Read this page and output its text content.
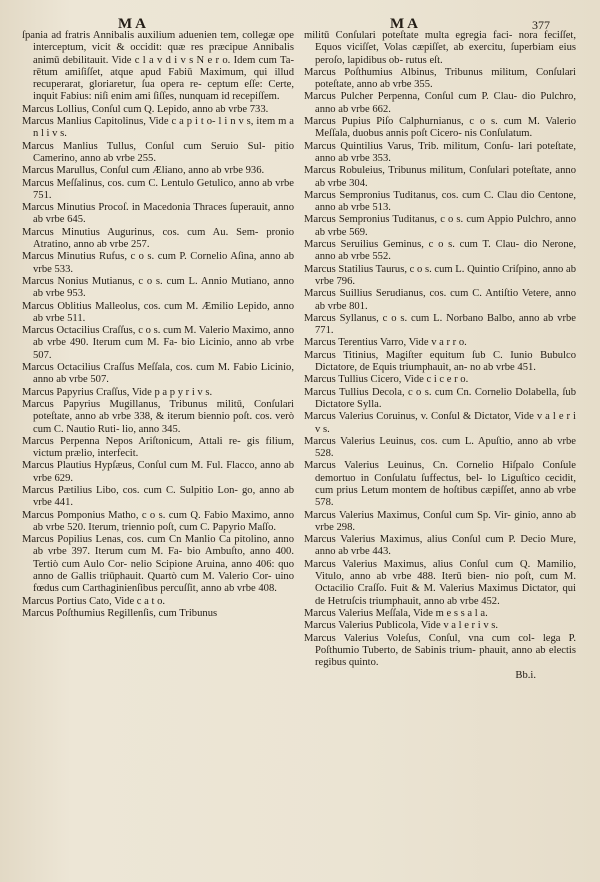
M A	M A	377
ſpania ad fratris Annibalis auxilium aduenien tem, collegæ ope interceptum, vicit & occidit: quæ res præcipue Annibalis animū debilitauit. Vide c l a v d i v s N e r o. Idem cum Ta- rētum amiſiſſet, atque apud Fabiū Maximum, qui illud recuperarat, gloriaretur, ſua opera re- ceptum eſſe: Certe, inquit Fabius: niſi enim ami ſiſſes, nunquam id recepiſſem.
Marcus Lollius, Conſul cum Q. Lepido, anno ab vrbe 733.
Marcus Manlius Capitolinus, Vide c a p i t o- l i n v s, item m a n l i v s.
Marcus Manlius Tullus, Conſul cum Seruio Sul- pitio Camerino, anno ab vrbe 255.
Marcus Marullus, Conſul cum Æliano, anno ab vrbe 936.
Marcus Meſſalinus, cos. cum C. Lentulo Getulico, anno ab vrbe 751.
Marcus Minutius Procoſ. in Macedonia Thraces ſuperauit, anno ab vrbe 645.
Marcus Minutius Augurinus, cos. cum Au. Sem- pronio Atratino, anno ab vrbe 257.
Marcus Minutius Rufus, c o s. cum P. Cornelio Aſina, anno ab vrbe 533.
Marcus Nonius Mutianus, c o s. cum L. Annio Mutiano, anno ab vrbe 953.
Marcus Oblitius Malleolus, cos. cum M. Æmilio Lepido, anno ab vrbe 511.
Marcus Octacilius Craſſus, c o s. cum M. Valerio Maximo, anno ab vrbe 490. Iterum cum M. Fa- bio Licinio, anno ab vrbe 507.
Marcus Octacilius Craſſus Meſſala, cos. cum M. Fabio Licinio, anno ab vrbe 507.
Marcus Papyrius Craſſus, Vide p a p y r i v s.
Marcus Papyrius Mugillanus, Tribunus militū, Conſulari poteſtate, anno ab vrbe 338, & iterum biennio poſt. cos. verò cum C. Nautio Ruti- lio, anno 345.
Marcus Perpenna Nepos Ariſtonicum, Attali re- gis filium, victum prælio, interfecit.
Marcus Plautius Hypſæus, Conſul cum M. Ful. Flacco, anno ab vrbe 629.
Marcus Pætilius Libo, cos. cum C. Sulpitio Lon- go, anno ab vrbe 441.
Marcus Pomponius Matho, c o s. cum Q. Fabio Maximo, anno ab vrbe 520. Iterum, triennio poſt, cum C. Papyrio Maſſo.
Marcus Popilius Lenas, cos. cum Cn Manlio Ca pitolino, anno ab vrbe 397. Iterum cum M. Fa- bio Ambuſto, anno 400. Tertiò cum Aulo Cor- nelio Scipione Aruina, anno 406: quo anno de Gallis triūphauit. Quartò cum M. Valerio Cor- uino fœdus cum Carthaginienſibus percuſſit, anno ab vrbe 408.
Marcus Portius Cato, Vide c a t o.
Marcus Poſthumius Regillenſis, cum Tribunus
militū Conſulari poteſtate multa egregia faci- nora feciſſet, Equos viciſſet, Volas cæpiſſet, ab exercitu, ſuperbiam eius peroſo, lapidibus ob- rutus eſt.
Marcus Poſthumius Albinus, Tribunus militum, Conſulari poteſtate, anno ab vrbe 355.
Marcus Pulcher Perpenna, Conſul cum P. Clau- dio Pulchro, anno ab vrbe 662.
Marcus Pupius Piſo Calphurnianus, c o s. cum M. Valerio Meſſala, duobus annis poſt Cicero- nis Conſulatum.
Marcus Quintilius Varus, Trib. militum, Conſu- lari poteſtate, anno ab vrbe 353.
Marcus Robuleius, Tribunus militum, Conſulari poteſtate, anno ab vrbe 304.
Marcus Sempronius Tuditanus, cos. cum C. Clau dio Centone, anno ab vrbe 513.
Marcus Sempronius Tuditanus, c o s. cum Appio Pulchro, anno ab vrbe 569.
Marcus Seruilius Geminus, c o s. cum T. Clau- dio Nerone, anno ab vrbe 552.
Marcus Statilius Taurus, c o s. cum L. Quintio Criſpino, anno ab vrbe 796.
Marcus Suillius Serudianus, cos. cum C. Antiſtio Vetere, anno ab vrbe 801.
Marcus Syllanus, c o s. cum L. Norbano Balbo, anno ab vrbe 771.
Marcus Terentius Varro, Vide v a r r o.
Marcus Titinius, Magiſter equitum ſub C. Iunio Bubulco Dictatore, de Equis triumphauit, an- no ab vrbe 451.
Marcus Tullius Cicero, Vide c i c e r o.
Marcus Tullius Decola, c o s. cum Cn. Cornelio Dolabella, ſub Dictatore Sylla.
Marcus Valerius Coruinus, v. Conſul & Dictator, Vide v a l e r i v s.
Marcus Valerius Leuinus, cos. cum L. Apuſtio, anno ab vrbe 528.
Marcus Valerius Leuinus, Cn. Cornelio Hiſpalo Conſule demortuo in Conſulatu ſuffectus, bel- lo Liguſtico cecidit, cum prius Letum montem de hoſtibus cæpiſſet, anno ab vrbe 578.
Marcus Valerius Maximus, Conſul cum Sp. Vir- ginio, anno ab vrbe 298.
Marcus Valerius Maximus, alius Conſul cum P. Decio Mure, anno ab vrbe 443.
Marcus Valerius Maximus, alius Conſul cum Q. Mamilio, Vitulo, anno ab vrbe 488. Iterū bien- nio poſt, cum M. Octacilio Craſſo. Fuit & M. Valerius Maximus Dictator, qui de Hetruſcis triumphauit, anno ab vrbe 452.
Marcus Valerius Meſſala, Vide m e s s a l a.
Marcus Valerius Publicola, Vide v a l e r i v s.
Marcus Valerius Voleſus, Conſul, vna cum col- lega P. Poſthumio Tuberto, de Sabinis trium- phauit, anno ab electis regibus quinto.
Bb.i.
